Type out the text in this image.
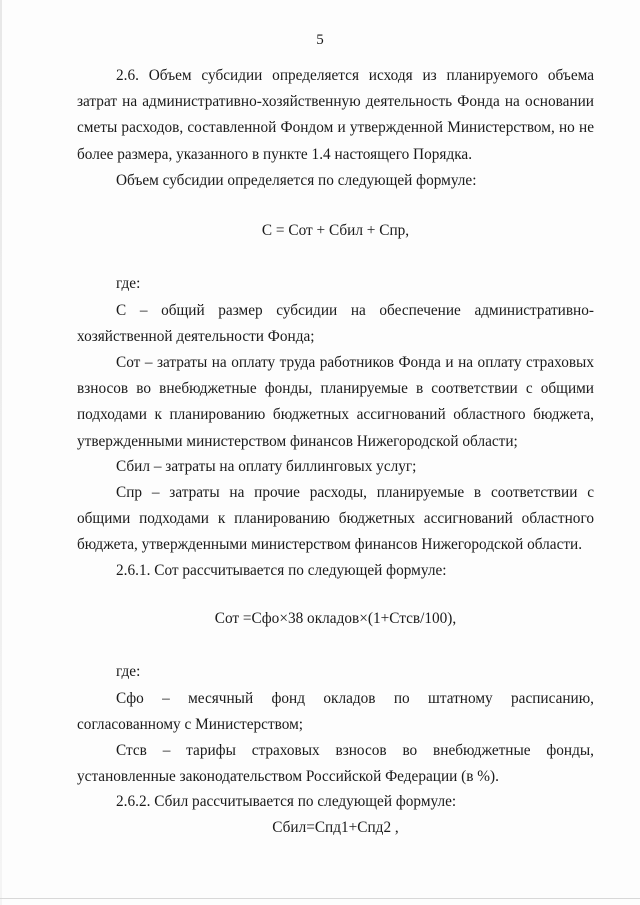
5

2.6. Объем субсидии определяется исходя из планируемого объема затрат на административно-хозяйственную деятельность Фонда на основании сметы расходов, составленной Фондом и утвержденной Министерством, но не более размера, указанного в пункте 1.4 настоящего Порядка.

Объем субсидии определяется по следующей формуле:

С = Сот + Сбил + Спр,

где:

С – общий размер субсидии на обеспечение административно-хозяйственной деятельности Фонда;

Сот – затраты на оплату труда работников Фонда и на оплату страховых взносов во внебюджетные фонды, планируемые в соответствии с общими подходами к планированию бюджетных ассигнований областного бюджета, утвержденными министерством финансов Нижегородской области;

Сбил – затраты на оплату биллинговых услуг;

Спр – затраты на прочие расходы, планируемые в соответствии с общими подходами к планированию бюджетных ассигнований областного бюджета, утвержденными министерством финансов Нижегородской области.

2.6.1. Сот рассчитывается по следующей формуле:

Сот =Сфо×38 окладов×(1+Стсв/100),

где:

Сфо – месячный фонд окладов по штатному расписанию, согласованному с Министерством;

Стсв – тарифы страховых взносов во внебюджетные фонды, установленные законодательством Российской Федерации (в %).

2.6.2. Сбил рассчитывается по следующей формуле:

Сбил=Спд1+Спд2 ,
